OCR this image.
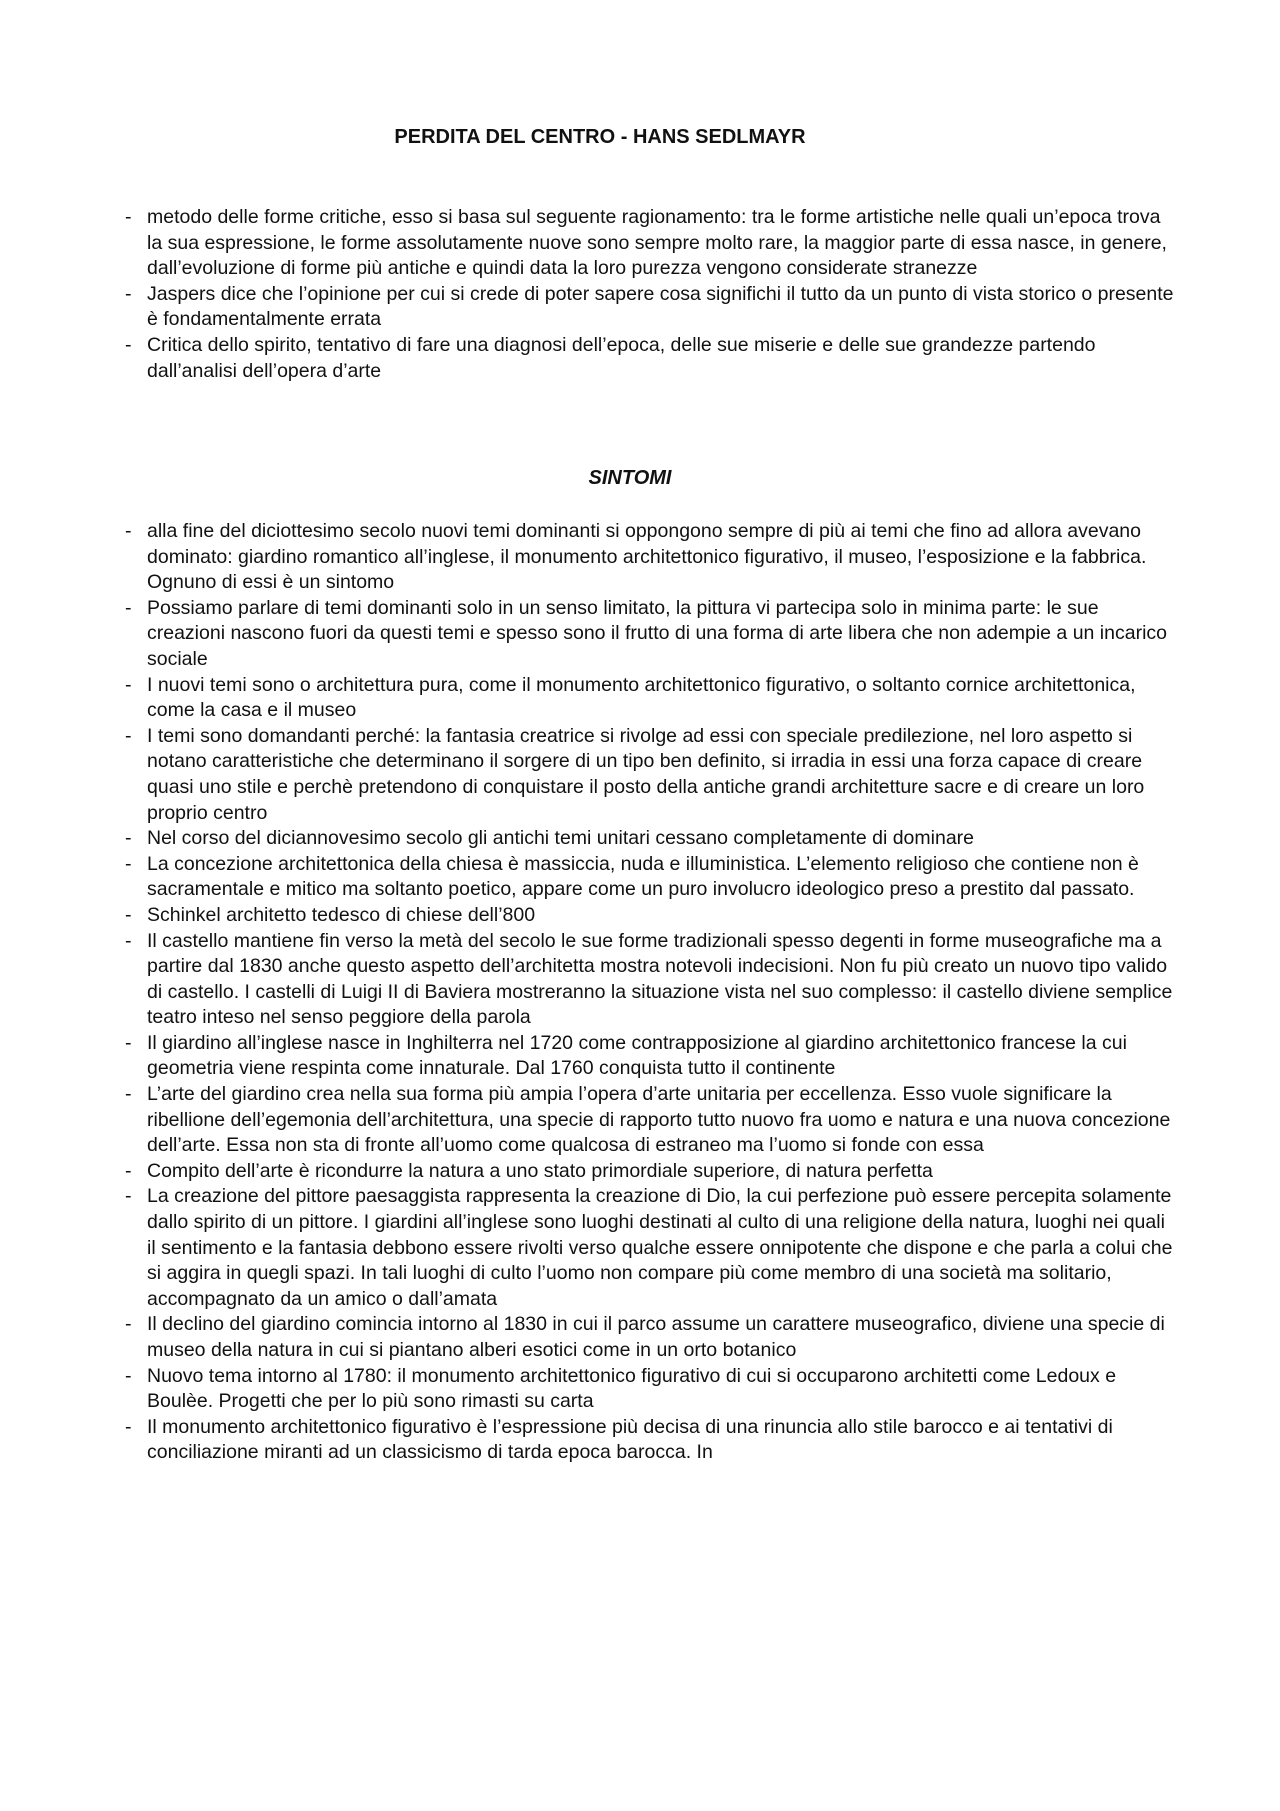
PERDITA DEL CENTRO - HANS SEDLMAYR
- metodo delle forme critiche, esso si basa sul seguente ragionamento: tra le forme artistiche nelle quali un’epoca trova la sua espressione, le forme assolutamente nuove sono sempre molto rare, la maggior parte di essa nasce, in genere, dall’evoluzione di forme più antiche e quindi data la loro purezza vengono considerate stranezze
- Jaspers dice che l’opinione per cui si crede di poter sapere cosa significhi il tutto da un punto di vista storico o presente è fondamentalmente errata
- Critica dello spirito, tentativo di fare una diagnosi dell’epoca, delle sue miserie e delle sue grandezze partendo dall’analisi dell’opera d’arte
SINTOMI
- alla fine del diciottesimo secolo nuovi temi dominanti si oppongono sempre di più ai temi che fino ad allora avevano dominato: giardino romantico all’inglese, il monumento architettonico figurativo, il museo, l’esposizione e la fabbrica. Ognuno di essi è un sintomo
- Possiamo parlare di temi dominanti solo in un senso limitato, la pittura vi partecipa solo in minima parte: le sue creazioni nascono fuori da questi temi e spesso sono il frutto di una forma di arte libera che non adempie a un incarico sociale
- I nuovi temi sono o architettura pura, come il monumento architettonico figurativo, o soltanto cornice architettonica, come la casa e il museo
- I temi sono domandanti perché: la fantasia creatrice si rivolge ad essi con speciale predilezione, nel loro aspetto si notano caratteristiche che determinano il sorgere di un tipo ben definito, si irradia in essi una forza capace di creare quasi uno stile e perchè pretendono di conquistare il posto della antiche grandi architetture sacre e di creare un loro proprio centro
- Nel corso del diciannovesimo secolo gli antichi temi unitari cessano completamente di dominare
- La concezione architettonica della chiesa è massiccia, nuda e illuministica. L’elemento religioso che contiene non è sacramentale e mitico ma soltanto poetico, appare come un puro involucro ideologico preso a prestito dal passato.
- Schinkel architetto tedesco di chiese dell’800
- Il castello mantiene fin verso la metà del secolo le sue forme tradizionali spesso degenti in forme museografiche ma a partire dal 1830 anche questo aspetto dell’architetta mostra notevoli indecisioni. Non fu più creato un nuovo tipo valido di castello. I castelli di Luigi II di Baviera mostreranno la situazione vista nel suo complesso: il castello diviene semplice teatro inteso nel senso peggiore della parola
- Il giardino all’inglese nasce in Inghilterra nel 1720 come contrapposizione al giardino architettonico francese la cui geometria viene respinta come innaturale. Dal 1760 conquista tutto il continente
- L’arte del giardino crea nella sua forma più ampia l’opera d’arte unitaria per eccellenza. Esso vuole significare la ribellione dell’egemonia dell’architettura, una specie di rapporto tutto nuovo fra uomo e natura e una nuova concezione dell’arte. Essa non sta di fronte all’uomo come qualcosa di estraneo ma l’uomo si fonde con essa
- Compito dell’arte è ricondurre la natura a uno stato primordiale superiore, di natura perfetta
- La creazione del pittore paesaggista rappresenta la creazione di Dio, la cui perfezione può essere percepita solamente dallo spirito di un pittore. I giardini all’inglese sono luoghi destinati al culto di una religione della natura, luoghi nei quali il sentimento e la fantasia debbono essere rivolti verso qualche essere onnipotente che dispone e che parla a colui che si aggira in quegli spazi. In tali luoghi di culto l’uomo non compare più come membro di una società ma solitario, accompagnato da un amico o dall’amata
- Il declino del giardino comincia intorno al 1830 in cui il parco assume un carattere museografico, diviene una specie di museo della natura in cui si piantano alberi esotici come in un orto botanico
- Nuovo tema intorno al 1780: il monumento architettonico figurativo di cui si occuparono architetti come Ledoux e Boulèe. Progetti che per lo più sono rimasti su carta
- Il monumento architettonico figurativo è l’espressione più decisa di una rinuncia allo stile barocco e ai tentativi di conciliazione miranti ad un classicismo di tarda epoca barocca. In
